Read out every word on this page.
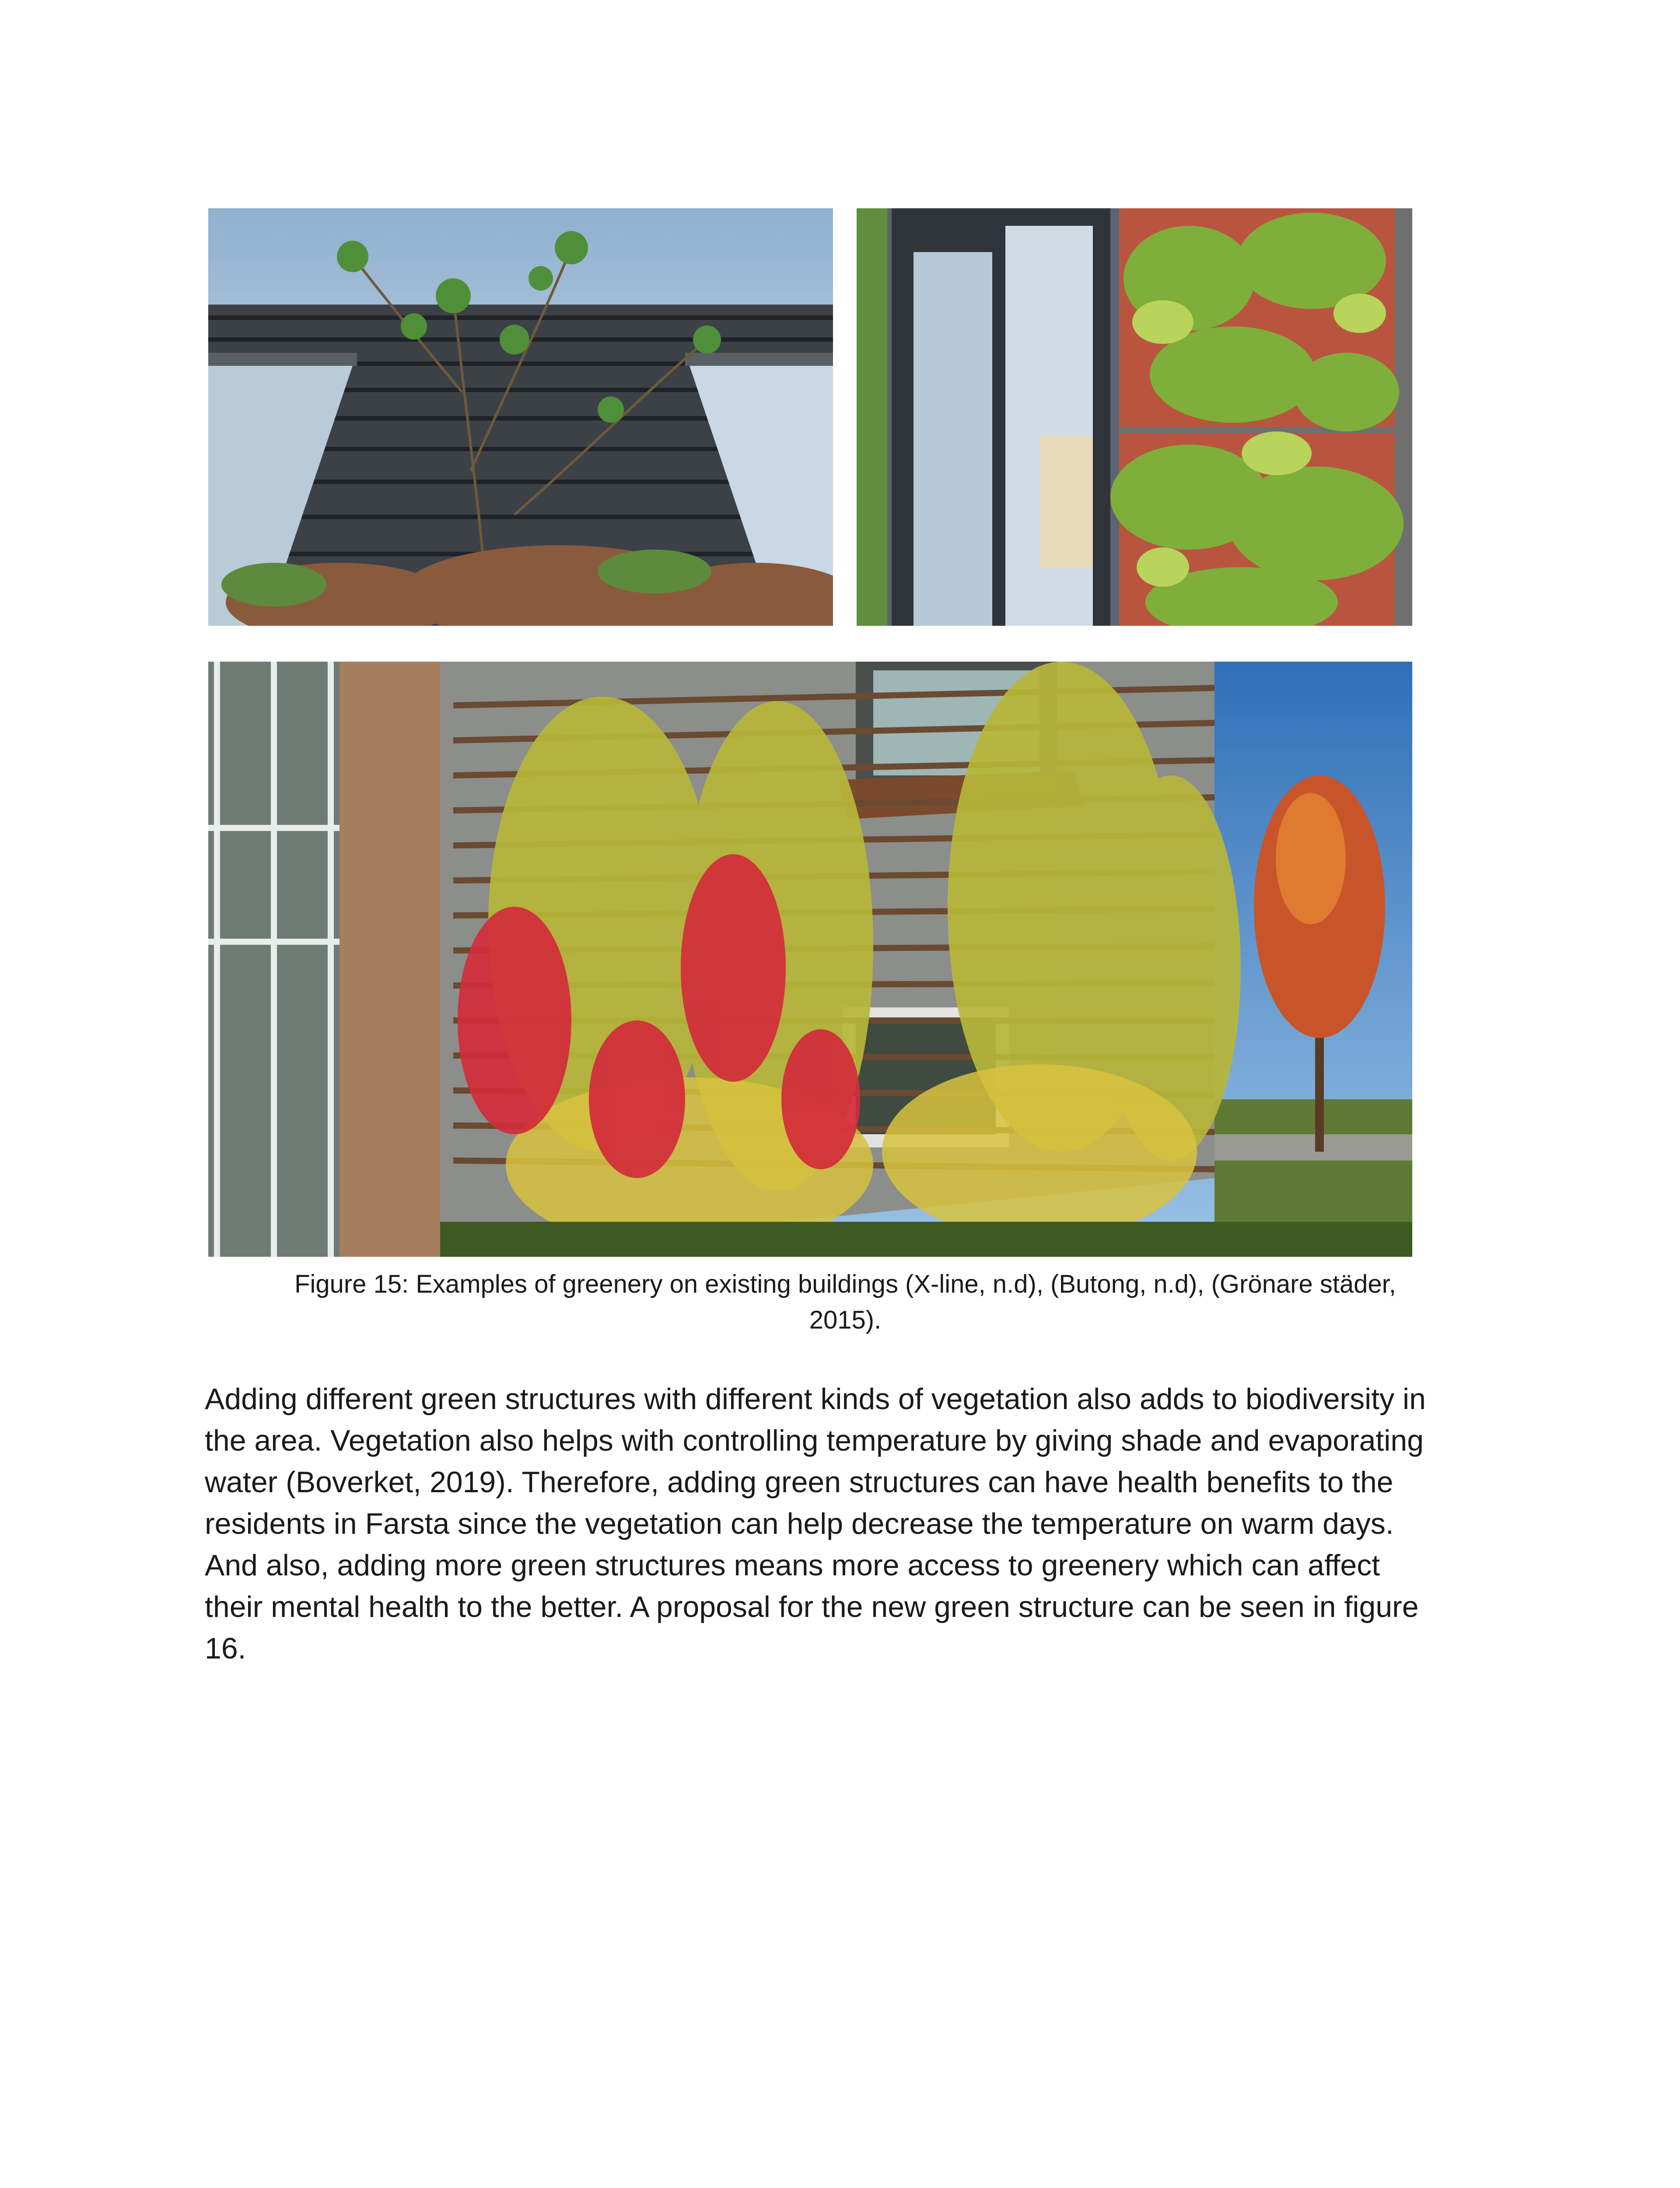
Figure 15: Examples of greenery on existing buildings (X-line, n.d), (Butong, n.d), (Grönare städer,
2015).

Adding different green structures with different kinds of vegetation also adds to biodiversity in
the area. Vegetation also helps with controlling temperature by giving shade and evaporating
water (Boverket, 2019). Therefore, adding green structures can have health benefits to the
residents in Farsta since the vegetation can help decrease the temperature on warm days.
And also, adding more green structures means more access to greenery which can affect
their mental health to the better. A proposal for the new green structure can be seen in figure
16.
